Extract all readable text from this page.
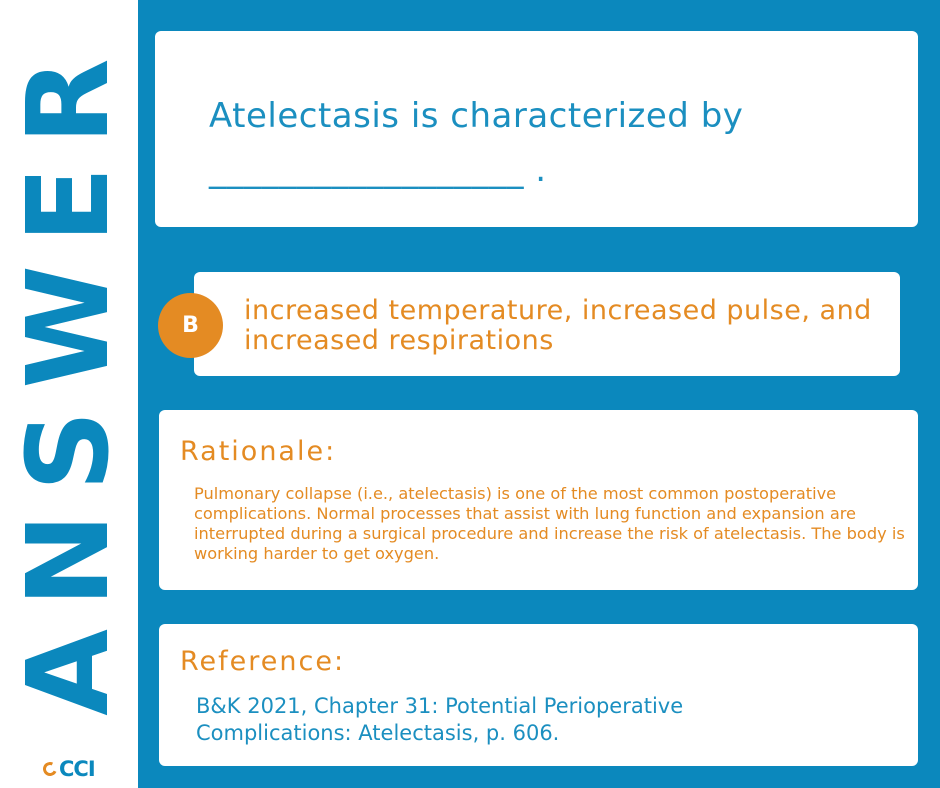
ANSWER
CCI
Atelectasis is characterized by __________________ .
increased temperature, increased pulse, and increased respirations
B
Rationale:
Pulmonary collapse (i.e., atelectasis) is one of the most common postoperative complications. Normal processes that assist with lung function and expansion are interrupted during a surgical procedure and increase the risk of atelectasis. The body is working harder to get oxygen.
Reference:
B&K 2021, Chapter 31: Potential Perioperative Complications: Atelectasis, p. 606.
